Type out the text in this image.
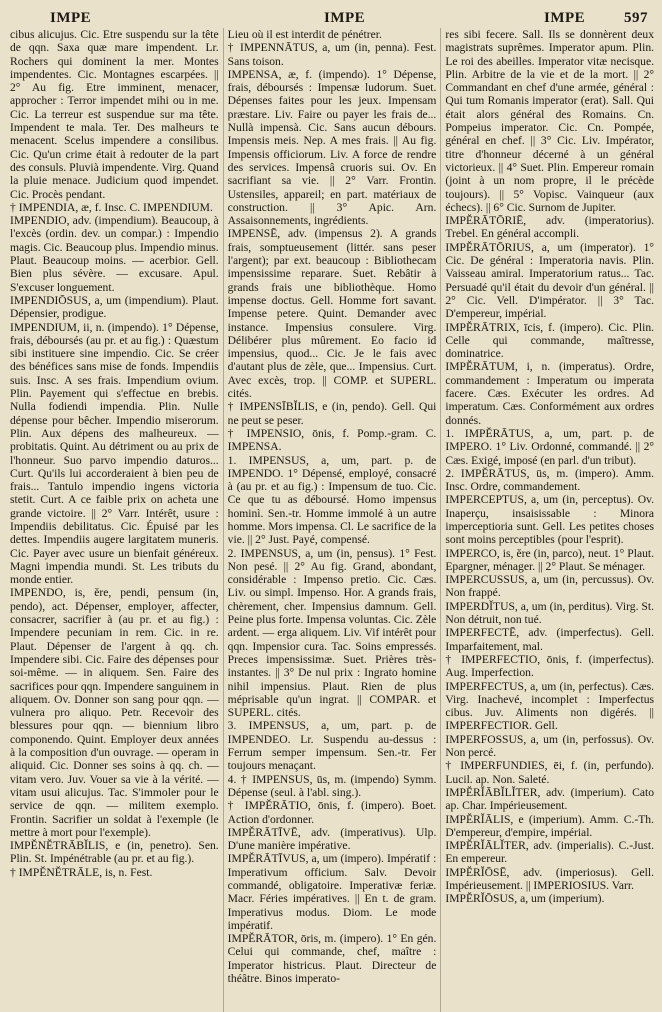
IMPE	IMPE	IMPE	597

cibus alicujus. Cic. Etre suspendu sur la tête de qqn. Saxa quæ mare impendent. Lr. Rochers qui dominent la mer. Montes impendentes. Cic. Montagnes escarpées. || 2° Au fig. Etre imminent, menacer, approcher : Terror impendet mihi ou in me. Cic. La terreur est suspendue sur ma tête. Impendent te mala. Ter. Des malheurs te menacent. Scelus impendere a consilibus. Cic. Qu'un crime était à redouter de la part des consuls. Pluvià impendente. Virg. Quand la pluie menace. Judicium quod impendet. Cic. Procès pendant.

† IMPENDIA, æ, f. Insc. C. IMPENDIUM.

IMPENDIO, adv. (impendium). Beaucoup, à l'excès (ordin. dev. un compar.) : Impendio magis. Cic. Beaucoup plus. Impendio minus. Plaut. Beaucoup moins. — acerbior. Gell. Bien plus sévère. — excusare. Apul. S'excuser longuement.

IMPENDIŌSUS, a, um (impendium). Plaut. Dépensier, prodigue.

IMPENDIUM, ii, n. (impendo). 1° Dépense, frais, déboursés (au pr. et au fig.) : Quæstum sibi instituere sine impendio. Cic. Se créer des bénéfices sans mise de fonds. Impendiis suis. Insc. A ses frais. Impendium ovium. Plin. Payement qui s'effectue en brebis. Nulla fodiendi impendia. Plin. Nulle dépense pour bêcher. Impendio miserorum. Plin. Aux dépens des malheureux. — probitatis. Quint. Au détriment ou au prix de l'honneur. Suo parvo impendio daturos... Curt. Qu'ils lui accorderaient à bien peu de frais... Tantulo impendio ingens victoria stetit. Curt. A ce faible prix on acheta une grande victoire. || 2° Varr. Intérêt, usure : Impendiis debilitatus. Cic. Épuisé par les dettes. Impendiis augere largitatem muneris. Cic. Payer avec usure un bienfait généreux. Magni impendia mundi. St. Les tributs du monde entier.

IMPENDO, is, ĕre, pendi, pensum (in, pendo), act. Dépenser, employer, affecter, consacrer, sacrifier à (au pr. et au fig.) : Impendere pecuniam in rem. Cic. in re. Plaut. Dépenser de l'argent à qq. ch. Impendere sibi. Cic. Faire des dépenses pour soi-même. — in aliquem. Sen. Faire des sacrifices pour qqn. Impendere sanguinem in aliquem. Ov. Donner son sang pour qqn. — vulnera pro aliquo. Petr. Recevoir des blessures pour qqn. — biennium libro componendo. Quint. Employer deux années à la composition d'un ouvrage. — operam in aliquid. Cic. Donner ses soins à qq. ch. — vitam vero. Juv. Vouer sa vie à la vérité. — vitam usui alicujus. Tac. S'immoler pour le service de qqn. — militem exemplo. Frontin. Sacrifier un soldat à l'exemple (le mettre à mort pour l'exemple).

IMPĔNĔTRĀBĬLIS, e (in, penetro). Sen. Plin. St. Impénétrable (au pr. et au fig.).

† IMPĔNĔTRĀLE, is, n. Fest.

Lieu où il est interdit de pénétrer.

† IMPENNĀTUS, a, um (in, penna). Fest. Sans toison.

IMPENSA, æ, f. (impendo). 1° Dépense, frais, déboursés : Impensæ ludorum. Suet. Dépenses faites pour les jeux. Impensam præstare. Liv. Faire ou payer les frais de... Nullà impensà. Cic. Sans aucun débours. Impensis meis. Nep. A mes frais. || Au fig. Impensis officiorum. Liv. A force de rendre des services. Impensâ cruoris sui. Ov. En sacrifiant sa vie. || 2° Varr. Frontin. Ustensiles, appareil; en part. matériaux de construction. || 3° Apic. Arn. Assaisonnements, ingrédients.

IMPENSĒ, adv. (impensus 2). A grands frais, somptueusement (littér. sans peser l'argent); par ext. beaucoup : Bibliothecam impensissime reparare. Suet. Rebâtir à grands frais une bibliothèque. Homo impense doctus. Gell. Homme fort savant. Impense petere. Quint. Demander avec instance. Impensius consulere. Virg. Délibérer plus mûrement. Eo facio id impensius, quod... Cic. Je le fais avec d'autant plus de zèle, que... Impensius. Curt. Avec excès, trop. || COMP. et SUPERL. cités.

† IMPENSĪBĬLIS, e (in, pendo). Gell. Qui ne peut se peser.

† IMPENSIO, ōnis, f. Pomp.-gram. C. IMPENSA.

1. IMPENSUS, a, um, part. p. de IMPENDO. 1° Dépensé, employé, consacré à (au pr. et au fig.) : Impensum de tuo. Cic. Ce que tu as déboursé. Homo impensus hominì. Sen.-tr. Homme immolé à un autre homme. Mors impensa. Cl. Le sacrifice de la vie. || 2° Just. Payé, compensé.

2. IMPENSUS, a, um (in, pensus). 1° Fest. Non pesé. || 2° Au fig. Grand, abondant, considérable : Impenso pretio. Cic. Cæs. Liv. ou simpl. Impenso. Hor. A grands frais, chèrement, cher. Impensius damnum. Gell. Peine plus forte. Impensa voluntas. Cic. Zèle ardent. — erga aliquem. Liv. Vif intérêt pour qqn. Impensior cura. Tac. Soins empressés. Preces impensissimæ. Suet. Prières très-instantes. || 3° De nul prix : Ingrato homine nihil impensius. Plaut. Rien de plus méprisable qu'un ingrat. || COMPAR. et SUPERL. cités.

3. IMPENSUS, a, um, part. p. de IMPENDEO. Lr. Suspendu au-dessus : Ferrum semper impensum. Sen.-tr. Fer toujours menaçant.

4. † IMPENSUS, ūs, m. (impendo) Symm. Dépense (seul. à l'abl. sing.).

† IMPĔRĀTIO, ōnis, f. (impero). Boet. Action d'ordonner.

IMPĔRĀTĪVĒ, adv. (imperativus). Ulp. D'une manière impérative.

IMPĔRĀTĪVUS, a, um (impero). Impératif : Imperativum officium. Salv. Devoir commandé, obligatoire. Imperativæ feriæ. Macr. Féries impératives. || En t. de gram. Imperativus modus. Diom. Le mode impératif.

IMPĔRĀTOR, ōris, m. (impero). 1° En gén. Celui qui commande, chef, maître : Imperator histricus. Plaut. Directeur de théâtre. Binos imperato-

res sibi fecere. Sall. Ils se donnèrent deux magistrats suprêmes. Imperator apum. Plin. Le roi des abeilles. Imperator vitæ necisque. Plin. Arbitre de la vie et de la mort. || 2° Commandant en chef d'une armée, général : Qui tum Romanis imperator (erat). Sall. Qui était alors général des Romains. Cn. Pompeius imperator. Cic. Cn. Pompée, général en chef. || 3° Cic. Liv. Impérator, titre d'honneur décerné à un général victorieux. || 4° Suet. Plin. Empereur romain (joint à un nom propre, il le précède toujours). || 5° Vopisc. Vainqueur (aux échecs). || 6° Cic. Surnom de Jupiter.

IMPĔRĀTŌRIĒ, adv. (imperatorius). Trebel. En général accompli.

IMPĔRĀTŌRIUS, a, um (imperator). 1° Cic. De général : Imperatoria navis. Plin. Vaisseau amiral. Imperatorium ratus... Tac. Persuadé qu'il était du devoir d'un général. || 2° Cic. Vell. D'impérator. || 3° Tac. D'empereur, impérial.

IMPĔRĀTRIX, īcis, f. (impero). Cic. Plin. Celle qui commande, maîtresse, dominatrice.

IMPĔRĀTUM, i, n. (imperatus). Ordre, commandement : Imperatum ou imperata facere. Cæs. Exécuter les ordres. Ad imperatum. Cæs. Conformément aux ordres donnés.

1. IMPĔRĀTUS, a, um, part. p. de IMPERO. 1° Liv. Ordonné, commandé. || 2° Cæs. Exigé, imposé (en parl. d'un tribut).

2. IMPĔRĀTUS, ūs, m. (impero). Amm. Insc. Ordre, commandement.

IMPERCEPTUS, a, um (in, perceptus). Ov. Inaperçu, insaisissable : Minora imperceptioria sunt. Gell. Les petites choses sont moins perceptibles (pour l'esprit).

IMPERCO, is, ĕre (in, parco), neut. 1° Plaut. Epargner, ménager. || 2° Plaut. Se ménager.

IMPERCUSSUS, a, um (in, percussus). Ov. Non frappé.

IMPERDĬTUS, a, um (in, perditus). Virg. St. Non détruit, non tué.

IMPERFECTĒ, adv. (imperfectus). Gell. Imparfaitement, mal.

† IMPERFECTIO, ōnis, f. (imperfectus). Aug. Imperfection.

IMPERFECTUS, a, um (in, perfectus). Cæs. Virg. Inachevé, incomplet : Imperfectus cibus. Juv. Aliments non digérés. || IMPERFECTIOR. Gell.

IMPERFOSSUS, a, um (in, perfossus). Ov. Non percé.

† IMPERFUNDIES, ēi, f. (in, perfundo). Lucil. ap. Non. Saleté.

IMPĔRĬĀBĬLĬTER, adv. (imperium). Cato ap. Char. Impérieusement.

IMPĔRĬĀLIS, e (imperium). Amm. C.-Th. D'empereur, d'empire, impérial.

IMPĔRĬĀLĬTER, adv. (imperialis). C.-Just. En empereur.

IMPĔRĬŌSĒ, adv. (imperiosus). Gell. Impérieusement. || IMPERIOSIUS. Varr.

IMPĔRĬŌSUS, a, um (imperium).
